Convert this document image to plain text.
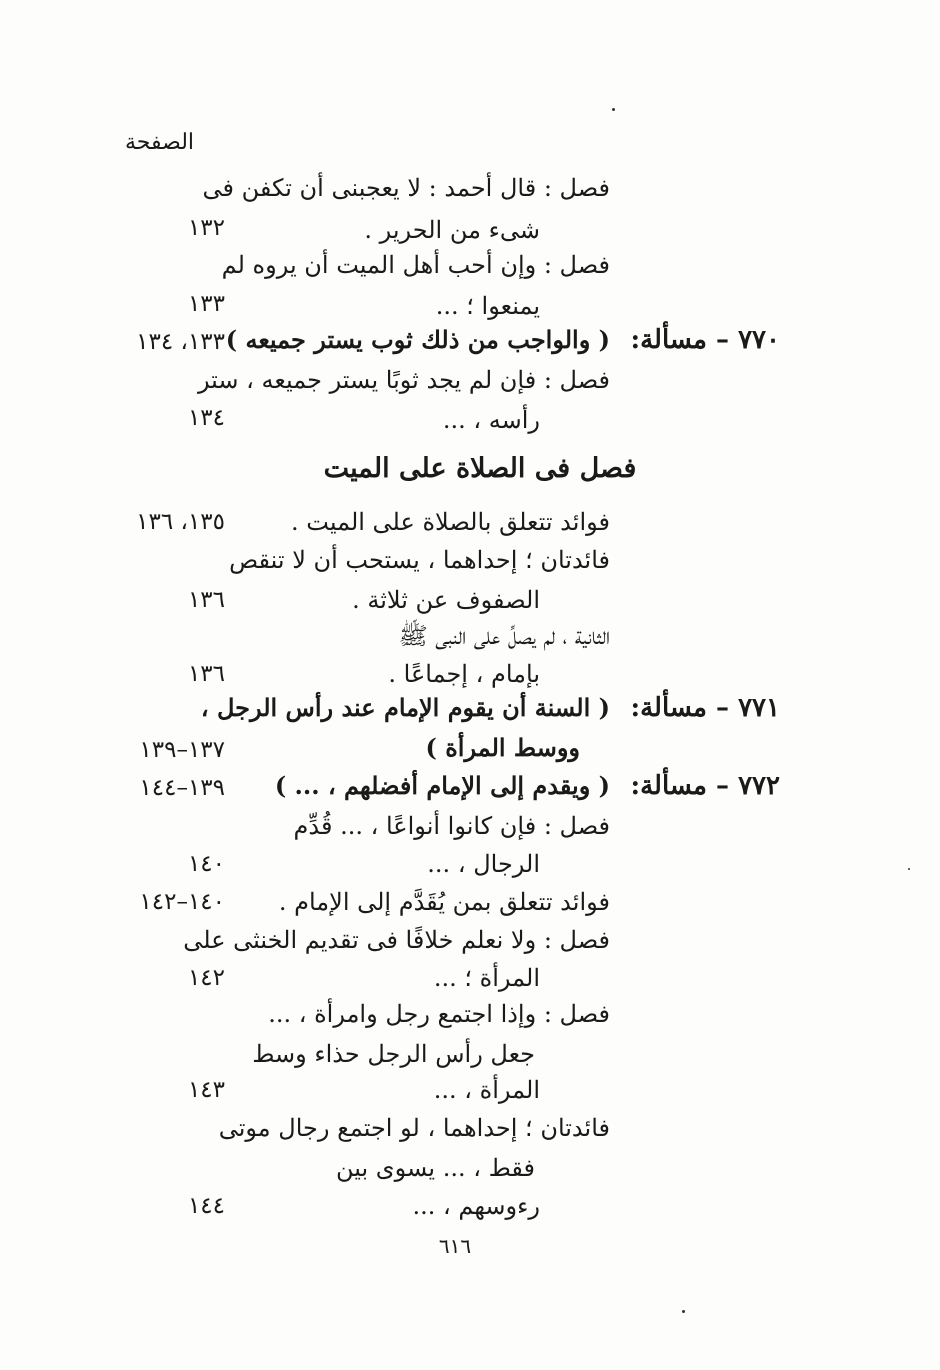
الصفحة
فصل : قال أحمد : لا يعجبنى أن تكفن فى
شىء من الحرير .
١٣٢
فصل : وإن أحب أهل الميت أن يروه لم
يمنعوا ؛ ...
١٣٣
٧٧٠ – مسألة:
( والواجب من ذلك ثوب يستر جميعه )
١٣٣، ١٣٤
فصل : فإن لم يجد ثوبًا يستر جميعه ، ستر
رأسه ، ...
١٣٤
فصل فى الصلاة على الميت
فوائد تتعلق بالصلاة على الميت .
١٣٥، ١٣٦
فائدتان ؛ إحداهما ، يستحب أن لا تنقص
الصفوف عن ثلاثة .
١٣٦
الثانية ، لم يصلِّ على النبى ﷺ
بإمام ، إجماعًا .
١٣٦
٧٧١ – مسألة:
( السنة أن يقوم الإمام عند رأس الرجل ،
ووسط المرأة )
١٣٧–١٣٩
٧٧٢ – مسألة:
( ويقدم إلى الإمام أفضلهم ، ... )
١٣٩–١٤٤
فصل : فإن كانوا أنواعًا ، ... قُدِّم
الرجال ، ...
١٤٠
فوائد تتعلق بمن يُقَدَّم إلى الإمام .
١٤٠–١٤٢
فصل : ولا نعلم خلافًا فى تقديم الخنثى على
المرأة ؛ ...
١٤٢
فصل : وإذا اجتمع رجل وامرأة ، ...
جعل رأس الرجل حذاء وسط
المرأة ، ...
١٤٣
فائدتان ؛ إحداهما ، لو اجتمع رجال موتى
فقط ، ... يسوى بين
رءوسهم ، ...
١٤٤
٦١٦
